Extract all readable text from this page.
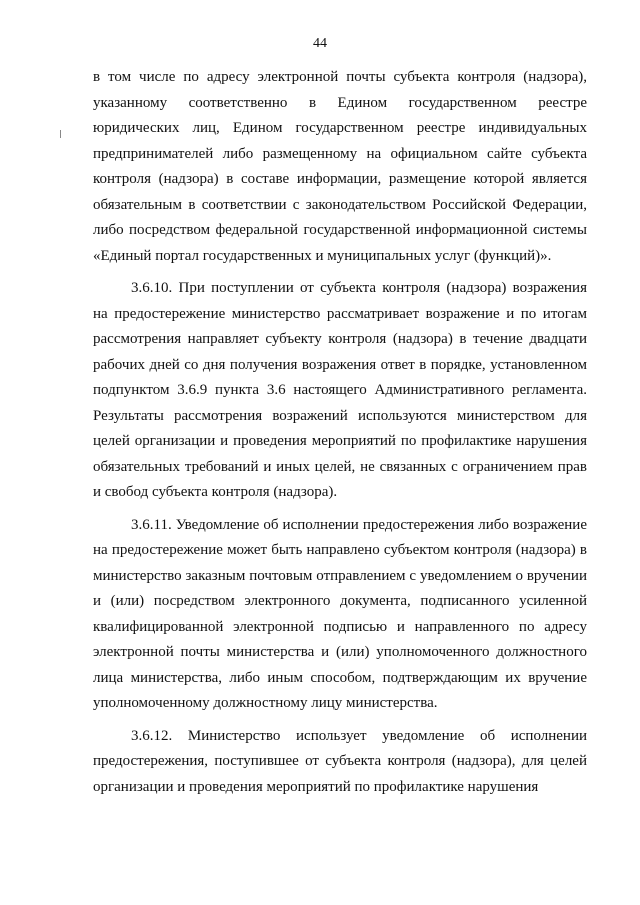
44

в том числе по адресу электронной почты субъекта контроля (надзора), указанному соответственно в Едином государственном реестре юридических лиц, Едином государственном реестре индивидуальных предпринимателей либо размещенному на официальном сайте субъекта контроля (надзора) в составе информации, размещение которой является обязательным в соответствии с законодательством Российской Федерации, либо посредством федеральной государственной информационной системы «Единый портал государственных и муниципальных услуг (функций)».

3.6.10. При поступлении от субъекта контроля (надзора) возражения на предостережение министерство рассматривает возражение и по итогам рассмотрения направляет субъекту контроля (надзора) в течение двадцати рабочих дней со дня получения возражения ответ в порядке, установленном подпунктом 3.6.9 пункта 3.6 настоящего Административного регламента. Результаты рассмотрения возражений используются министерством для целей организации и проведения мероприятий по профилактике нарушения обязательных требований и иных целей, не связанных с ограничением прав и свобод субъекта контроля (надзора).

3.6.11. Уведомление об исполнении предостережения либо возражение на предостережение может быть направлено субъектом контроля (надзора) в министерство заказным почтовым отправлением с уведомлением о вручении и (или) посредством электронного документа, подписанного усиленной квалифицированной электронной подписью и направленного по адресу электронной почты министерства и (или) уполномоченного должностного лица министерства, либо иным способом, подтверждающим их вручение уполномоченному должностному лицу министерства.

3.6.12. Министерство использует уведомление об исполнении предостережения, поступившее от субъекта контроля (надзора), для целей организации и проведения мероприятий по профилактике нарушения
